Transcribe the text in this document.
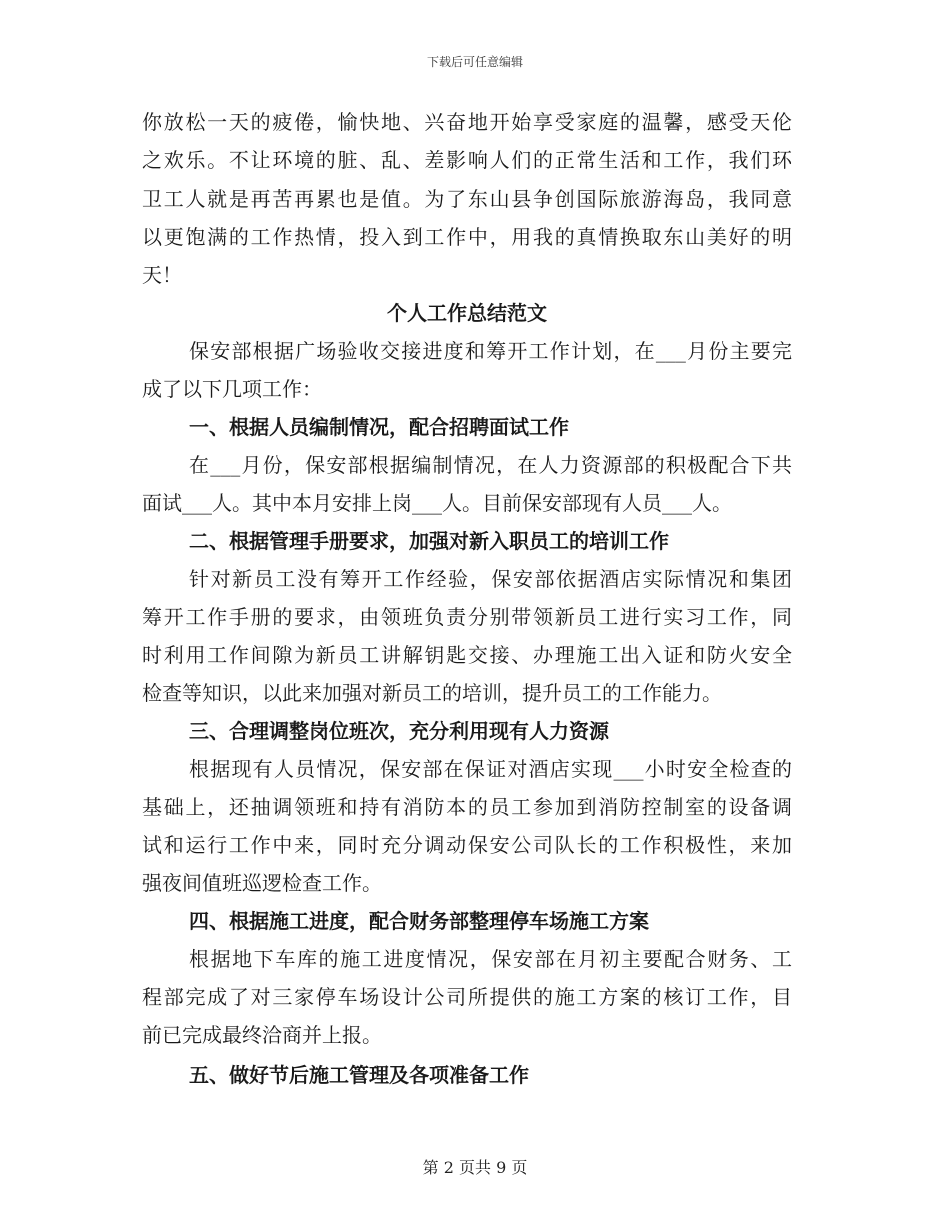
下载后可任意编辑
你放松一天的疲倦，愉快地、兴奋地开始享受家庭的温馨，感受天伦
之欢乐。不让环境的脏、乱、差影响人们的正常生活和工作，我们环
卫工人就是再苦再累也是值。为了东山县争创国际旅游海岛，我同意
以更饱满的工作热情，投入到工作中，用我的真情换取东山美好的明
天！
个人工作总结范文
保安部根据广场验收交接进度和筹开工作计划，在___月份主要完
成了以下几项工作：
一、根据人员编制情况，配合招聘面试工作
在___月份，保安部根据编制情况，在人力资源部的积极配合下共
面试___人。其中本月安排上岗___人。目前保安部现有人员___人。
二、根据管理手册要求，加强对新入职员工的培训工作
针对新员工没有筹开工作经验，保安部依据酒店实际情况和集团
筹开工作手册的要求，由领班负责分别带领新员工进行实习工作，同
时利用工作间隙为新员工讲解钥匙交接、办理施工出入证和防火安全
检查等知识，以此来加强对新员工的培训，提升员工的工作能力。
三、合理调整岗位班次，充分利用现有人力资源
根据现有人员情况，保安部在保证对酒店实现___小时安全检查的
基础上，还抽调领班和持有消防本的员工参加到消防控制室的设备调
试和运行工作中来，同时充分调动保安公司队长的工作积极性，来加
强夜间值班巡逻检查工作。
四、根据施工进度，配合财务部整理停车场施工方案
根据地下车库的施工进度情况，保安部在月初主要配合财务、工
程部完成了对三家停车场设计公司所提供的施工方案的核订工作，目
前已完成最终洽商并上报。
五、做好节后施工管理及各项准备工作
第 2 页共 9 页
